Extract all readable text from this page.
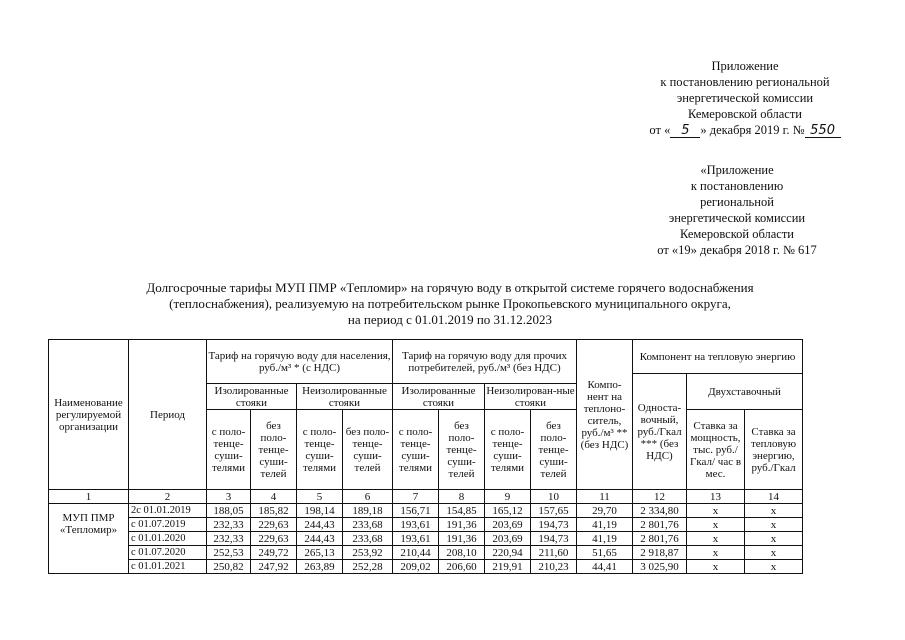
Приложение
к постановлению региональной
энергетической комиссии
Кемеровской области
от « 5 » декабря 2019 г. № 550
«Приложение
к постановлению
региональной
энергетической комиссии
Кемеровской области
от «19» декабря 2018 г. № 617
Долгосрочные тарифы МУП ПМР «Тепломир» на горячую воду в открытой системе горячего водоснабжения
(теплоснабжения), реализуемую на потребительском рынке Прокопьевского муниципального округа,
на период с 01.01.2019 по 31.12.2023
Наименование регулируемой организации	Период	Тариф на горячую воду для населения, руб./м³ * (с НДС)				Тариф на горячую воду для прочих потребителей, руб./м³ (без НДС)				Компо-нент на теплоно-ситель, руб./м³ ** (без НДС)	Компонент на тепловую энергию		
											Односта-вочный, руб./Гкал *** (без НДС)	Двухставочный	
		Изолированные стояки		Неизолированные стояки		Изолированные стояки		Неизолирован-ные стояки					
		с поло-тенце-суши-телями	без поло-тенце-суши-телей	с поло-тенце-суши-телями	без поло-тенце-суши-телей	с поло-тенце-суши-телями	без поло-тенце-суши-телей	с поло-тенце-суши-телями	без поло-тенце-суши-телей			Ставка за мощность, тыс. руб./ Гкал/ час в мес.	Ставка за тепловую энергию, руб./Гкал
1	2	3	4	5	6	7	8	9	10	11	12	13	14
МУП ПМР «Тепломир»	2с 01.01.2019	188,05	185,82	198,14	189,18	156,71	154,85	165,12	157,65	29,70	2 334,80	х	х
	с 01.07.2019	232,33	229,63	244,43	233,68	193,61	191,36	203,69	194,73	41,19	2 801,76	х	х
	с 01.01.2020	232,33	229,63	244,43	233,68	193,61	191,36	203,69	194,73	41,19	2 801,76	х	х
	с 01.07.2020	252,53	249,72	265,13	253,92	210,44	208,10	220,94	211,60	51,65	2 918,87	х	х
	с 01.01.2021	250,82	247,92	263,89	252,28	209,02	206,60	219,91	210,23	44,41	3 025,90	х	х
